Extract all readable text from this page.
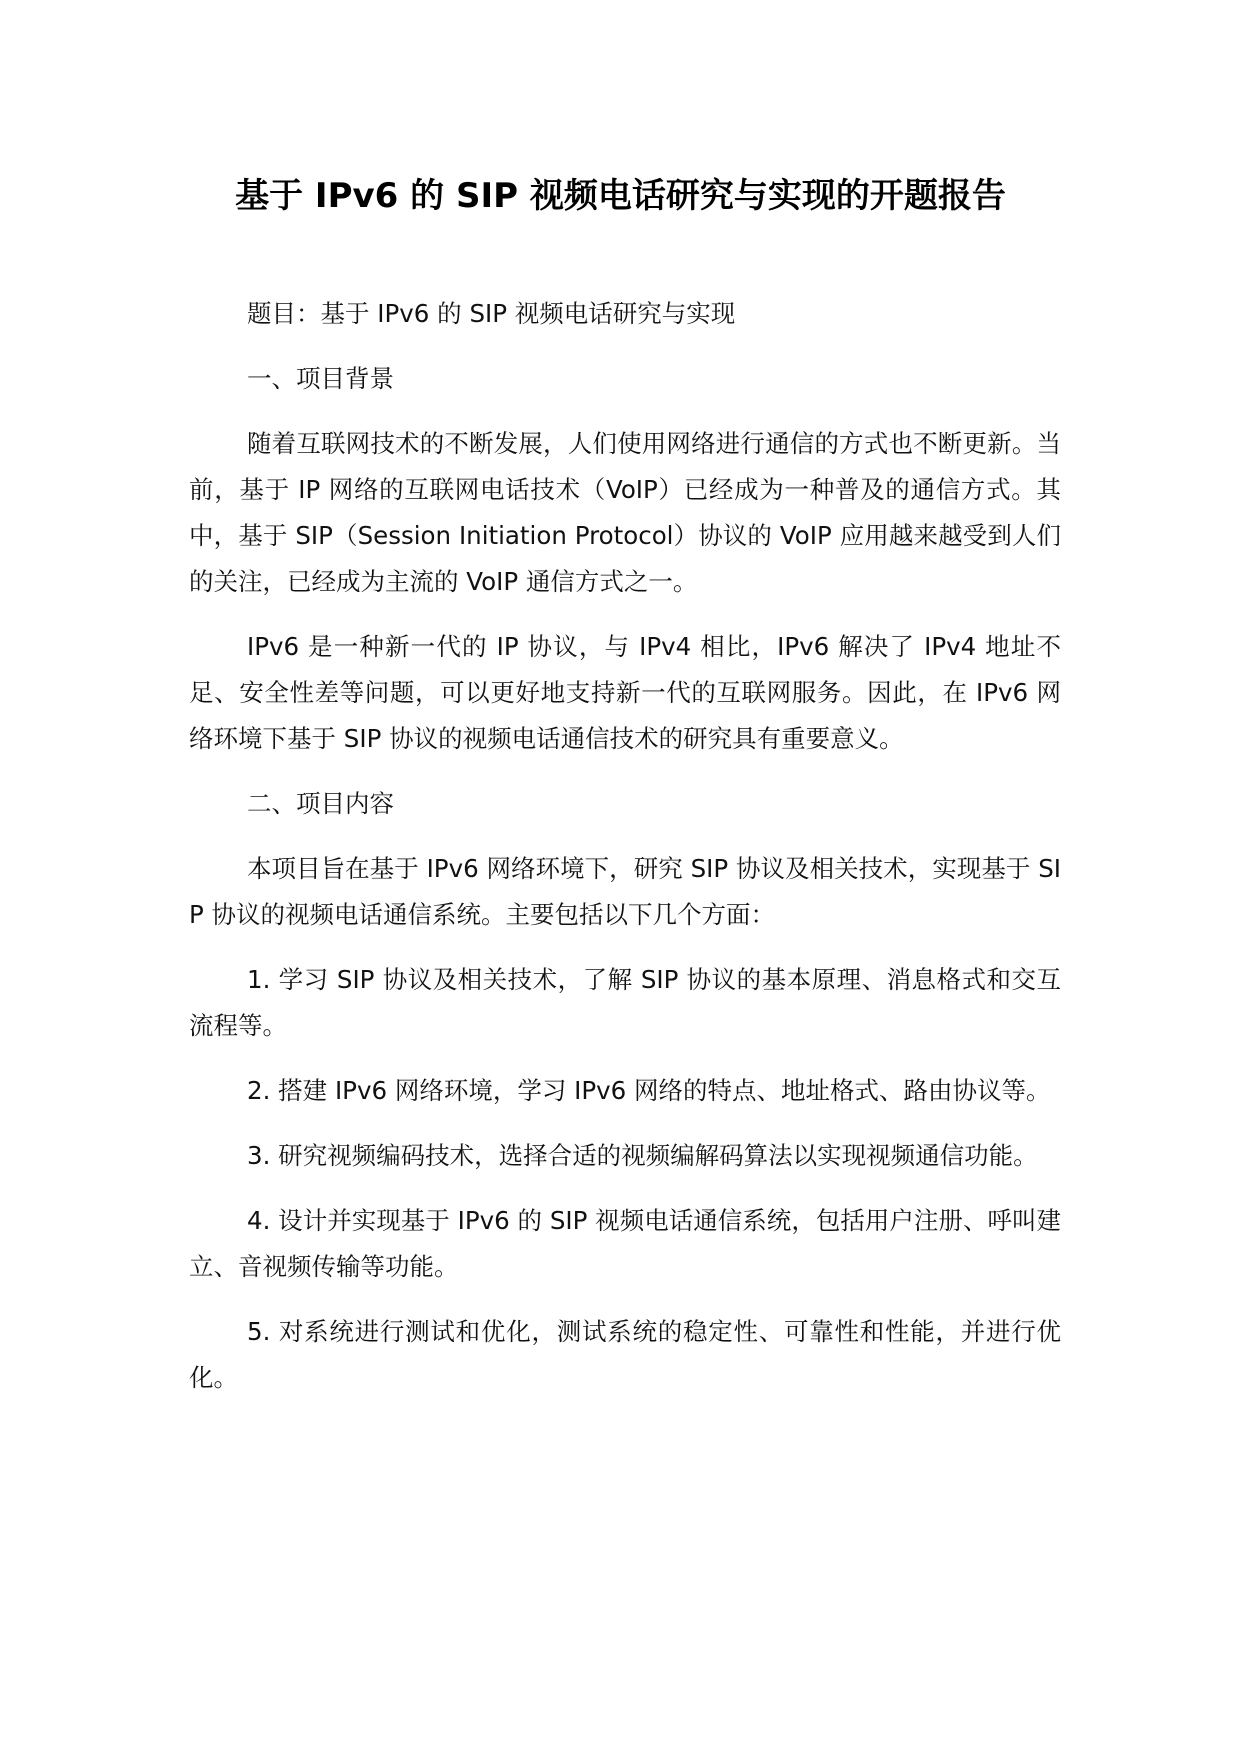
基于 IPv6 的 SIP 视频电话研究与实现的开题报告

题目：基于 IPv6 的 SIP 视频电话研究与实现

一、项目背景

随着互联网技术的不断发展，人们使用网络进行通信的方式也不断更新。当前，基于 IP 网络的互联网电话技术（VoIP）已经成为一种普及的通信方式。其中，基于 SIP（Session Initiation Protocol）协议的 VoIP 应用越来越受到人们的关注，已经成为主流的 VoIP 通信方式之一。

IPv6 是一种新一代的 IP 协议，与 IPv4 相比，IPv6 解决了 IPv4 地址不足、安全性差等问题，可以更好地支持新一代的互联网服务。因此，在 IPv6 网络环境下基于 SIP 协议的视频电话通信技术的研究具有重要意义。

二、项目内容

本项目旨在基于 IPv6 网络环境下，研究 SIP 协议及相关技术，实现基于 SIP 协议的视频电话通信系统。主要包括以下几个方面：

1. 学习 SIP 协议及相关技术，了解 SIP 协议的基本原理、消息格式和交互流程等。

2. 搭建 IPv6 网络环境，学习 IPv6 网络的特点、地址格式、路由协议等。

3. 研究视频编码技术，选择合适的视频编解码算法以实现视频通信功能。

4. 设计并实现基于 IPv6 的 SIP 视频电话通信系统，包括用户注册、呼叫建立、音视频传输等功能。

5. 对系统进行测试和优化，测试系统的稳定性、可靠性和性能，并进行优化。
